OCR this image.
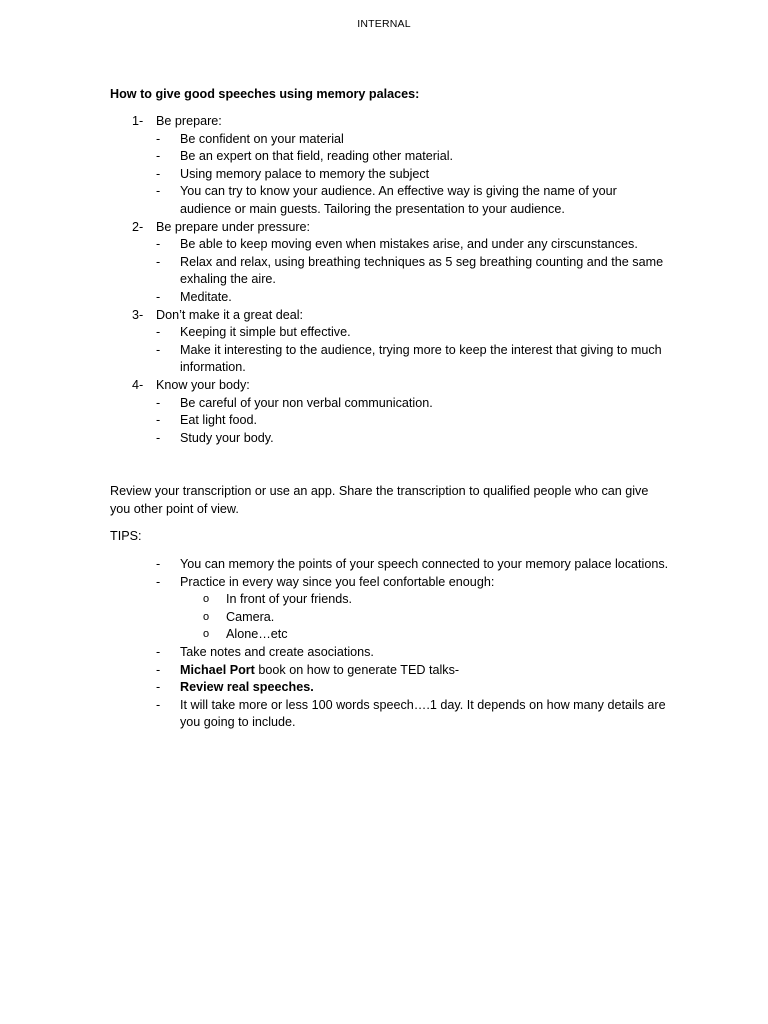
INTERNAL

How to give good speeches using memory palaces:

1- Be prepare:
- Be confident on your material
- Be an expert on that field, reading other material.
- Using memory palace to memory the subject
- You can try to know your audience. An effective way is giving the name of your audience or main guests. Tailoring the presentation to your audience.
2- Be prepare under pressure:
- Be able to keep moving even when mistakes arise, and under any cirscunstances.
- Relax and relax, using breathing techniques as 5 seg breathing counting and the same exhaling the aire.
- Meditate.
3- Don’t make it a great deal:
- Keeping it simple but effective.
- Make it interesting to the audience, trying more to keep the interest that giving to much information.
4- Know your body:
- Be careful of your non verbal communication.
- Eat light food.
- Study your body.

Review your transcription or use an app. Share the transcription to qualified people who can give you other point of view.

TIPS:

- You can memory the points of your speech connected to your memory palace locations.
- Practice in every way since you feel confortable enough:
o In front of your friends.
o Camera.
o Alone…etc
- Take notes and create asociations.
- Michael Port book on how to generate TED talks-
- Review real speeches.
- It will take more or less 100 words speech….1 day. It depends on how many details are you going to include.
